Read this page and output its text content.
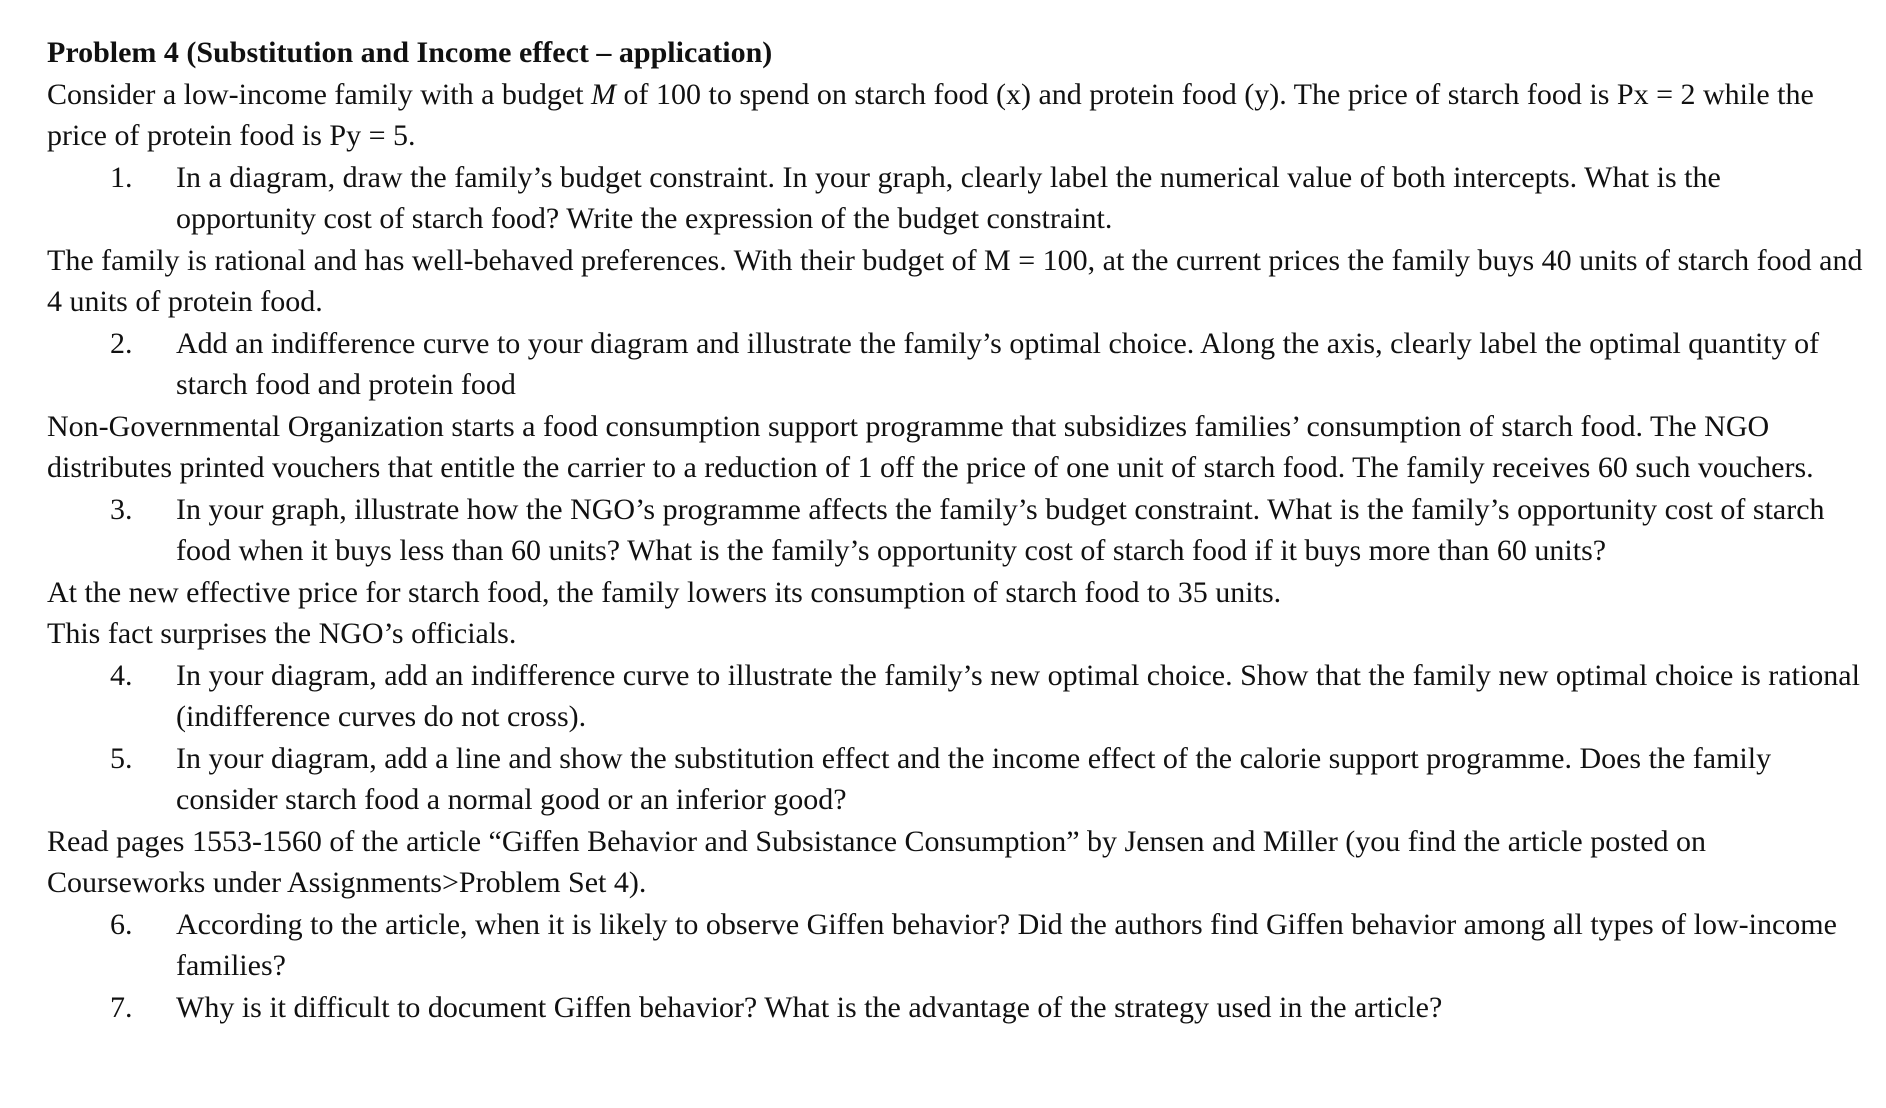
Problem 4 (Substitution and Income effect – application)

Consider a low-income family with a budget M of 100 to spend on starch food (x) and protein food (y). The price of starch food is Px = 2 while the price of protein food is Py = 5.

1. In a diagram, draw the family’s budget constraint. In your graph, clearly label the numerical value of both intercepts. What is the opportunity cost of starch food? Write the expression of the budget constraint.

The family is rational and has well-behaved preferences. With their budget of M = 100, at the current prices the family buys 40 units of starch food and 4 units of protein food.

2. Add an indifference curve to your diagram and illustrate the family’s optimal choice. Along the axis, clearly label the optimal quantity of starch food and protein food

Non-Governmental Organization starts a food consumption support programme that subsidizes families’ consumption of starch food. The NGO distributes printed vouchers that entitle the carrier to a reduction of 1 off the price of one unit of starch food. The family receives 60 such vouchers.

3. In your graph, illustrate how the NGO’s programme affects the family’s budget constraint. What is the family’s opportunity cost of starch food when it buys less than 60 units? What is the family’s opportunity cost of starch food if it buys more than 60 units?

At the new effective price for starch food, the family lowers its consumption of starch food to 35 units.

This fact surprises the NGO’s officials.

4. In your diagram, add an indifference curve to illustrate the family’s new optimal choice. Show that the family new optimal choice is rational (indifference curves do not cross).
5. In your diagram, add a line and show the substitution effect and the income effect of the calorie support programme. Does the family consider starch food a normal good or an inferior good?

Read pages 1553-1560 of the article “Giffen Behavior and Subsistance Consumption” by Jensen and Miller (you find the article posted on Courseworks under Assignments>Problem Set 4).

6. According to the article, when it is likely to observe Giffen behavior? Did the authors find Giffen behavior among all types of low-income families?
7. Why is it difficult to document Giffen behavior? What is the advantage of the strategy used in the article?
